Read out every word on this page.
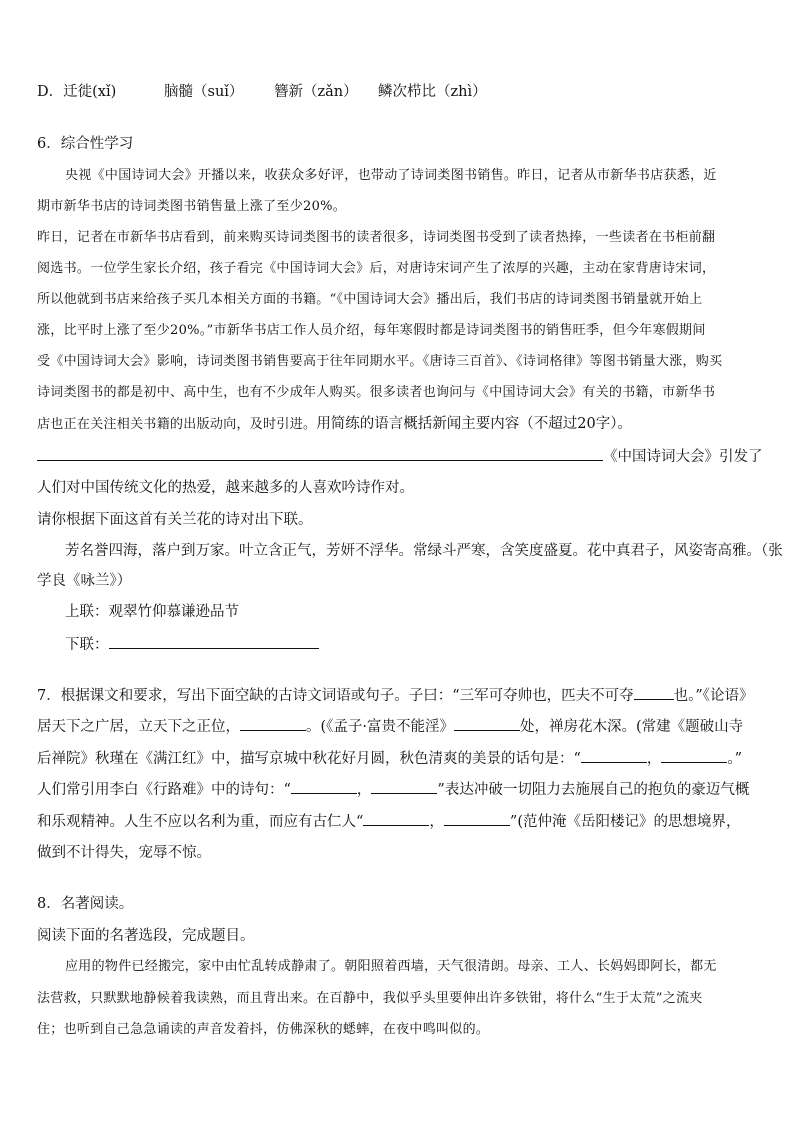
D．迁徙(xǐ)	脑髓（suǐ） 簪新（zǎn） 鳞次栉比（zhì）
6．综合性学习
央视《中国诗词大会》开播以来，收获众多好评，也带动了诗词类图书销售。昨日，记者从市新华书店获悉，近
期市新华书店的诗词类图书销售量上涨了至少20%。
昨日，记者在市新华书店看到，前来购买诗词类图书的读者很多，诗词类图书受到了读者热捧，一些读者在书柜前翻
阅选书。一位学生家长介绍，孩子看完《中国诗词大会》后，对唐诗宋词产生了浓厚的兴趣，主动在家背唐诗宋词，
所以他就到书店来给孩子买几本相关方面的书籍。“《中国诗词大会》播出后，我们书店的诗词类图书销量就开始上
涨，比平时上涨了至少20%。”市新华书店工作人员介绍，每年寒假时都是诗词类图书的销售旺季，但今年寒假期间
受《中国诗词大会》影响，诗词类图书销售要高于往年同期水平。《唐诗三百首》、《诗词格律》等图书销量大涨，购买
诗词类图书的都是初中、高中生，也有不少成年人购买。很多读者也询问与《中国诗词大会》有关的书籍，市新华书
店也正在关注相关书籍的出版动向，及时引进。用简练的语言概括新闻主要内容（不超过20字）。
《中国诗词大会》引发了
人们对中国传统文化的热爱，越来越多的人喜欢吟诗作对。
请你根据下面这首有关兰花的诗对出下联。
芳名誉四海，落户到万家。叶立含正气，芳妍不浮华。常绿斗严寒，含笑度盛夏。花中真君子，风姿寄高雅。（张
学良《咏兰》）
上联：观翠竹仰慕谦逊品节
下联：
7．根据课文和要求，写出下面空缺的古诗文词语或句子。子曰：“三军可夺帅也，匹夫不可夺	也。”《论语》
居天下之广居，立天下之正位，	。(《孟子·富贵不能淫》	处，禅房花木深。(常建《题破山寺
后禅院》秋瑾在《满江红》中，描写京城中秋花好月圆，秋色清爽的美景的话句是：“	，	。”
人们常引用李白《行路难》中的诗句：“	，	”表达冲破一切阻力去施展自己的抱负的豪迈气概
和乐观精神。人生不应以名利为重，而应有古仁人“	，	”(范仲淹《岳阳楼记》的思想境界，
做到不计得失，宠辱不惊。
8．名著阅读。
阅读下面的名著选段，完成题目。
应用的物件已经搬完，家中由忙乱转成静肃了。朝阳照着西墙，天气很清朗。母亲、工人、长妈妈即阿长，都无
法营救，只默默地静候着我读熟，而且背出来。在百静中，我似乎头里要伸出许多铁钳，将什么“生于太荒”之流夹
住；也听到自己急急诵读的声音发着抖，仿佛深秋的蟋蟀，在夜中鸣叫似的。
